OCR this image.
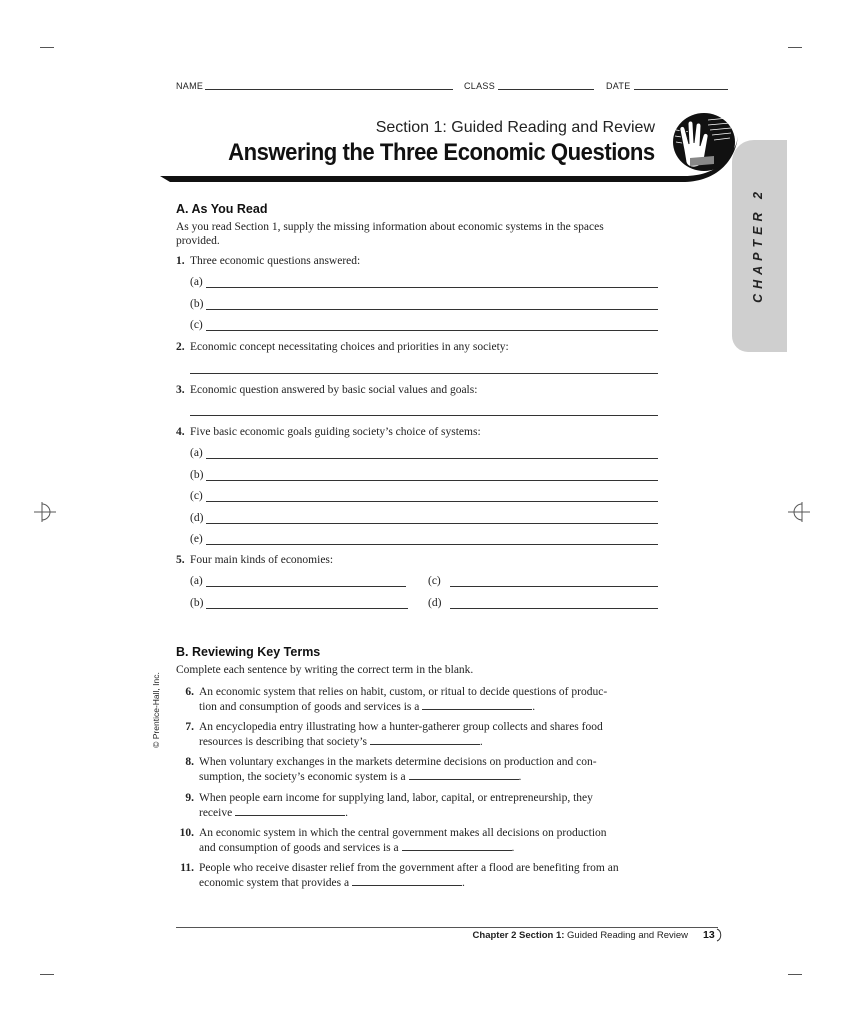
NAME	CLASS	DATE
Section 1: Guided Reading and Review
Answering the Three Economic Questions
CHAPTER 2
© Prentice-Hall, Inc.
A. As You Read
As you read Section 1, supply the missing information about economic systems in the spaces
provided.
1. Three economic questions answered:
(a)
(b)
(c)
2. Economic concept necessitating choices and priorities in any society:
3. Economic question answered by basic social values and goals:
4. Five basic economic goals guiding society’s choice of systems:
(a)
(b)
(c)
(d)
(e)
5. Four main kinds of economies:
(a)	(c)
(b)	(d)
B. Reviewing Key Terms
Complete each sentence by writing the correct term in the blank.
6. An economic system that relies on habit, custom, or ritual to decide questions of produc-
tion and consumption of goods and services is a	.
7. An encyclopedia entry illustrating how a hunter-gatherer group collects and shares food
resources is describing that society’s	.
8. When voluntary exchanges in the markets determine decisions on production and con-
sumption, the society’s economic system is a	.
9. When people earn income for supplying land, labor, capital, or entrepreneurship, they
receive	.
10. An economic system in which the central government makes all decisions on production
and consumption of goods and services is a	.
11. People who receive disaster relief from the government after a flood are benefiting from an
economic system that provides a	.
Chapter 2 Section 1: Guided Reading and Review 13
